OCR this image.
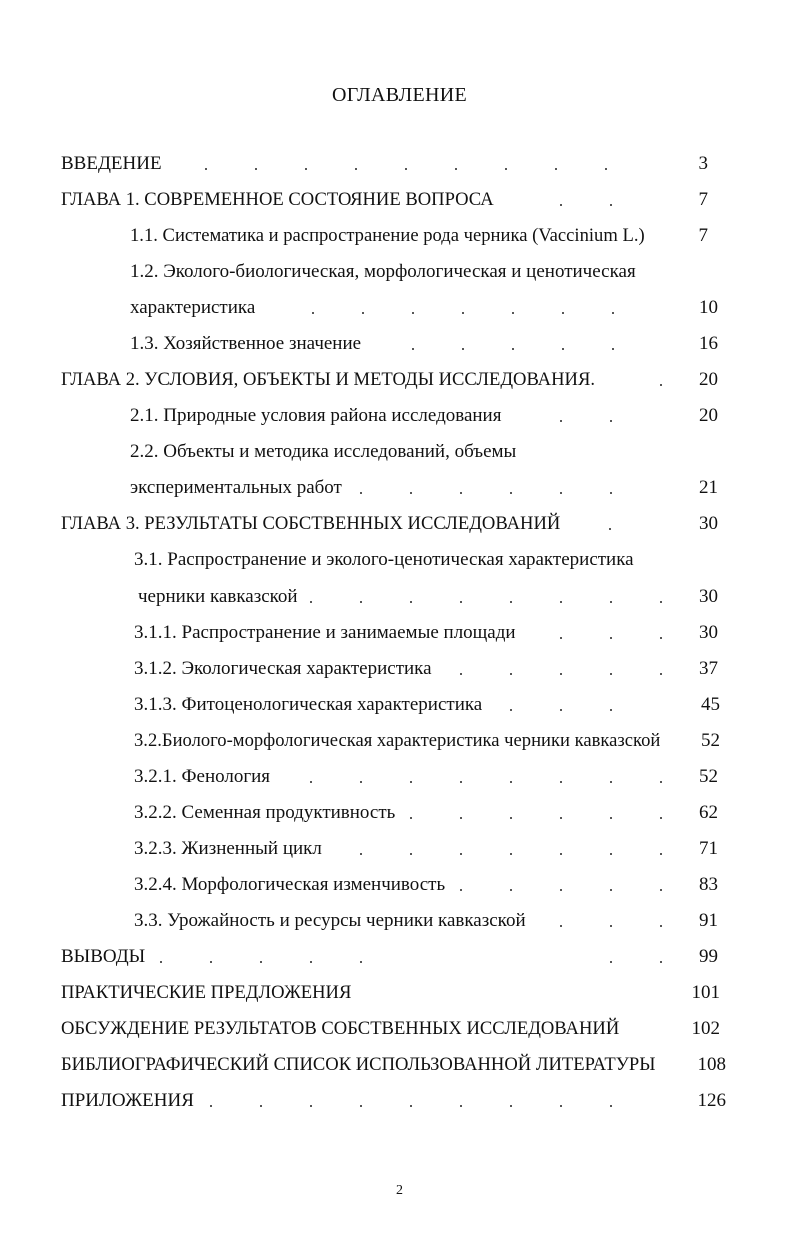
ОГЛАВЛЕНИЕ
ВВЕДЕНИЕ	3
ГЛАВА 1. СОВРЕМЕННОЕ СОСТОЯНИЕ ВОПРОСА	7
1.1. Систематика и распространение рода черника (Vaccinium L.)	7
1.2. Эколого-биологическая, морфологическая и ценотическая
характеристика	10
1.3. Хозяйственное значение	16
ГЛАВА 2. УСЛОВИЯ, ОБЪЕКТЫ И МЕТОДЫ ИССЛЕДОВАНИЯ.	20
2.1. Природные условия района исследования	20
2.2. Объекты и методика исследований, объемы
экспериментальных работ	21
ГЛАВА 3. РЕЗУЛЬТАТЫ СОБСТВЕННЫХ ИССЛЕДОВАНИЙ	30
3.1. Распространение и эколого-ценотическая характеристика
черники кавказской	30
3.1.1. Распространение и занимаемые площади	30
3.1.2. Экологическая характеристика	37
3.1.3. Фитоценологическая характеристика	45
3.2.Биолого-морфологическая характеристика черники кавказской	52
3.2.1. Фенология	52
3.2.2. Семенная продуктивность	62
3.2.3. Жизненный цикл	71
3.2.4. Морфологическая изменчивость	83
3.3. Урожайность и ресурсы черники кавказской	91
ВЫВОДЫ	99
ПРАКТИЧЕСКИЕ ПРЕДЛОЖЕНИЯ	101
ОБСУЖДЕНИЕ РЕЗУЛЬТАТОВ СОБСТВЕННЫХ ИССЛЕДОВАНИЙ	102
БИБЛИОГРАФИЧЕСКИЙ СПИСОК ИСПОЛЬЗОВАННОЙ ЛИТЕРАТУРЫ	108
ПРИЛОЖЕНИЯ	126
2
